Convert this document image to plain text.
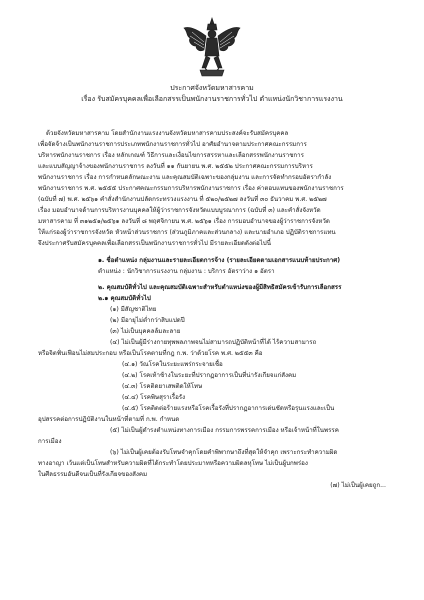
ประกาศจังหวัดมหาสารคาม
เรื่อง รับสมัครบุคคลเพื่อเลือกสรรเป็นพนักงานราชการทั่วไป ตำแหน่งนักวิชาการแรงงาน

ด้วยจังหวัดมหาสารคาม โดยสำนักงานแรงงานจังหวัดมหาสารคามประสงค์จะรับสมัครบุคคล

เพื่อจัดจ้างเป็นพนักงานราชการประเภทพนักงานราชการทั่วไป อาศัยอำนาจตามประกาศคณะกรรมการ

บริหารพนักงานราชการ เรื่อง หลักเกณฑ์ วิธีการและเงื่อนไขการสรรหาและเลือกสรรพนักงานราชการ

และแบบสัญญาจ้างของพนักงานราชการ ลงวันที่ ๑๑ กันยายน พ.ศ. ๒๕๕๒ ประกาศคณะกรรมการบริหาร

พนักงานราชการ เรื่อง การกำหนดลักษณะงาน และคุณสมบัติเฉพาะของกลุ่มงาน และการจัดทำกรอบอัตรากำลัง

พนักงานราชการ พ.ศ. ๒๕๕๕ ประกาศคณะกรรมการบริหารพนักงานราชการ เรื่อง ค่าตอบแทนของพนักงานราชการ

(ฉบับที่ ๗) พ.ศ. ๒๕๖๑ คำสั่งสำนักงานปลัดกระทรวงแรงงาน ที่ ๕๒๐/๒๕๒๗ ลงวันที่ ๓๐ ธันวาคม พ.ศ. ๒๕๒๗

เรื่อง มอบอำนาจด้านการบริหารงานบุคคลให้ผู้ว่าราชการจังหวัดแบบบูรณาการ (ฉบับที่ ๓) และคำสั่งจังหวัด

มหาสารคาม ที่ ๓๑๒๕๑/๒๕๖๑ ลงวันที่ ๘ พฤศจิกายน พ.ศ. ๒๕๖๑ เรื่อง การมอบอำนาจของผู้ว่าราชการจังหวัด

ให้แก่รองผู้ว่าราชการจังหวัด หัวหน้าส่วนราชการ (ส่วนภูมิภาคและส่วนกลาง) และนายอำเภอ ปฏิบัติราชการแทน

จึงประกาศรับสมัครบุคคลเพื่อเลือกสรรเป็นพนักงานราชการทั่วไป มีรายละเอียดดังต่อไปนี้

๑. ชื่อตำแหน่ง กลุ่มงานและรายละเอียดการจ้าง (รายละเอียดตามเอกสารแนบท้ายประกาศ)

ตำแหน่ง : นักวิชาการแรงงาน กลุ่มงาน : บริการ อัตราว่าง ๑ อัตรา

๒. คุณสมบัติทั่วไป และคุณสมบัติเฉพาะสำหรับตำแหน่งของผู้มีสิทธิสมัครเข้ารับการเลือกสรร

๒.๑ คุณสมบัติทั่วไป

(๑) มีสัญชาติไทย

(๒) มีอายุไม่ต่ำกว่าสิบแปดปี

(๓) ไม่เป็นบุคคลล้มละลาย

(๔) ไม่เป็นผู้มีร่างกายทุพพลภาพจนไม่สามารถปฏิบัติหน้าที่ได้ ไร้ความสามารถ

หรือจิตฟั่นเฟือนไม่สมประกอบ หรือเป็นโรคตามที่กฎ ก.พ. ว่าด้วยโรค พ.ศ. ๒๕๕๓ คือ

(๔.๑) วัณโรคในระยะแพร่กระจายเชื้อ

(๔.๒) โรคเท้าช้างในระยะที่ปรากฏอาการเป็นที่น่ารังเกียจแก่สังคม

(๔.๓) โรคติดยาเสพติดให้โทษ

(๔.๔) โรคพิษสุราเรื้อรัง

(๔.๕) โรคติดต่อร้ายแรงหรือโรคเรื้อรังที่ปรากฏอาการเด่นชัดหรือรุนแรงและเป็น

อุปสรรคต่อการปฏิบัติงานในหน้าที่ตามที่ ก.พ. กำหนด

(๕) ไม่เป็นผู้ดำรงตำแหน่งทางการเมือง กรรมการพรรคการเมือง หรือเจ้าหน้าที่ในพรรค

การเมือง

(๖) ไม่เป็นผู้เคยต้องรับโทษจำคุกโดยคำพิพากษาถึงที่สุดให้จำคุก เพราะกระทำความผิด

ทางอาญา เว้นแต่เป็นโทษสำหรับความผิดที่ได้กระทำโดยประมาทหรือความผิดลหุโทษ ไม่เป็นผู้บกพร่อง

ในศีลธรรมอันดีจนเป็นที่รังเกียจของสังคม

(๗) ไม่เป็นผู้เคยถูก...
